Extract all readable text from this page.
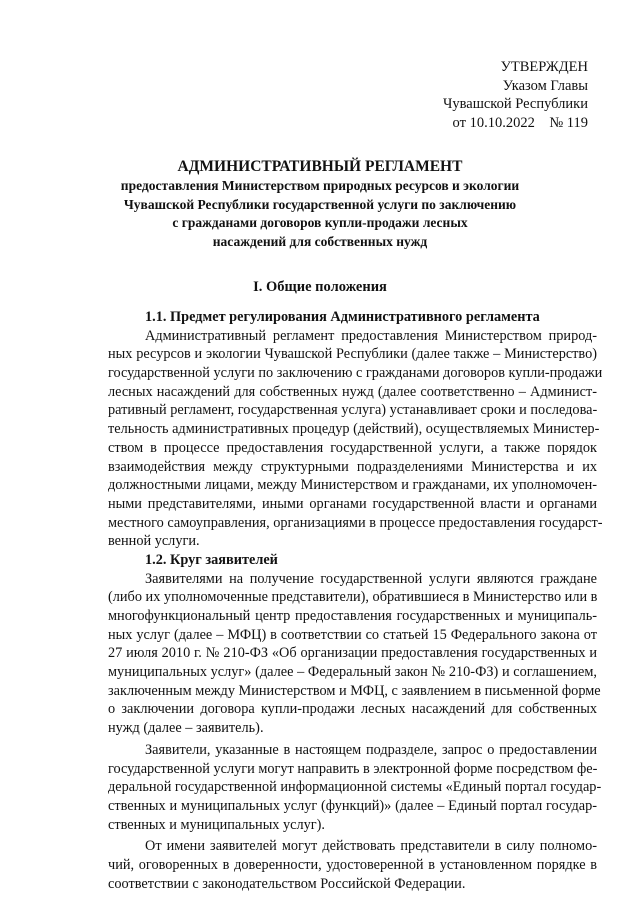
УТВЕРЖДЕН
Указом Главы
Чувашской Республики
от 10.10.2022    № 119
АДМИНИСТРАТИВНЫЙ РЕГЛАМЕНТ
предоставления Министерством природных ресурсов и экологии
Чувашской Республики государственной услуги по заключению
с гражданами договоров купли-продажи лесных
насаждений для собственных нужд
I. Общие положения
1.1. Предмет регулирования Административного регламента
Административный регламент предоставления Министерством природ-
ных ресурсов и экологии Чувашской Республики (далее также – Министерство)
государственной услуги по заключению с гражданами договоров купли-продажи
лесных насаждений для собственных нужд (далее соответственно – Админист-
ративный регламент, государственная услуга) устанавливает сроки и последова-
тельность административных процедур (действий), осуществляемых Министер-
ством в процессе предоставления государственной услуги, а также порядок
взаимодействия между структурными подразделениями Министерства и их
должностными лицами, между Министерством и гражданами, их уполномочен-
ными представителями, иными органами государственной власти и органами
местного самоуправления, организациями в процессе предоставления государст-
венной услуги.
1.2. Круг заявителей
Заявителями на получение государственной услуги являются граждане
(либо их уполномоченные представители), обратившиеся в Министерство или в
многофункциональный центр предоставления государственных и муниципаль-
ных услуг (далее – МФЦ) в соответствии со статьей 15 Федерального закона от
27 июля 2010 г. № 210-ФЗ «Об организации предоставления государственных и
муниципальных услуг» (далее – Федеральный закон № 210-ФЗ) и соглашением,
заключенным между Министерством и МФЦ, с заявлением в письменной форме
о заключении договора купли-продажи лесных насаждений для собственных
нужд (далее – заявитель).
Заявители, указанные в настоящем подразделе, запрос о предоставлении
государственной услуги могут направить в электронной форме посредством фе-
деральной государственной информационной системы «Единый портал государ-
ственных и муниципальных услуг (функций)» (далее – Единый портал государ-
ственных и муниципальных услуг).
От имени заявителей могут действовать представители в силу полномо-
чий, оговоренных в доверенности, удостоверенной в установленном порядке в
соответствии с законодательством Российской Федерации.
